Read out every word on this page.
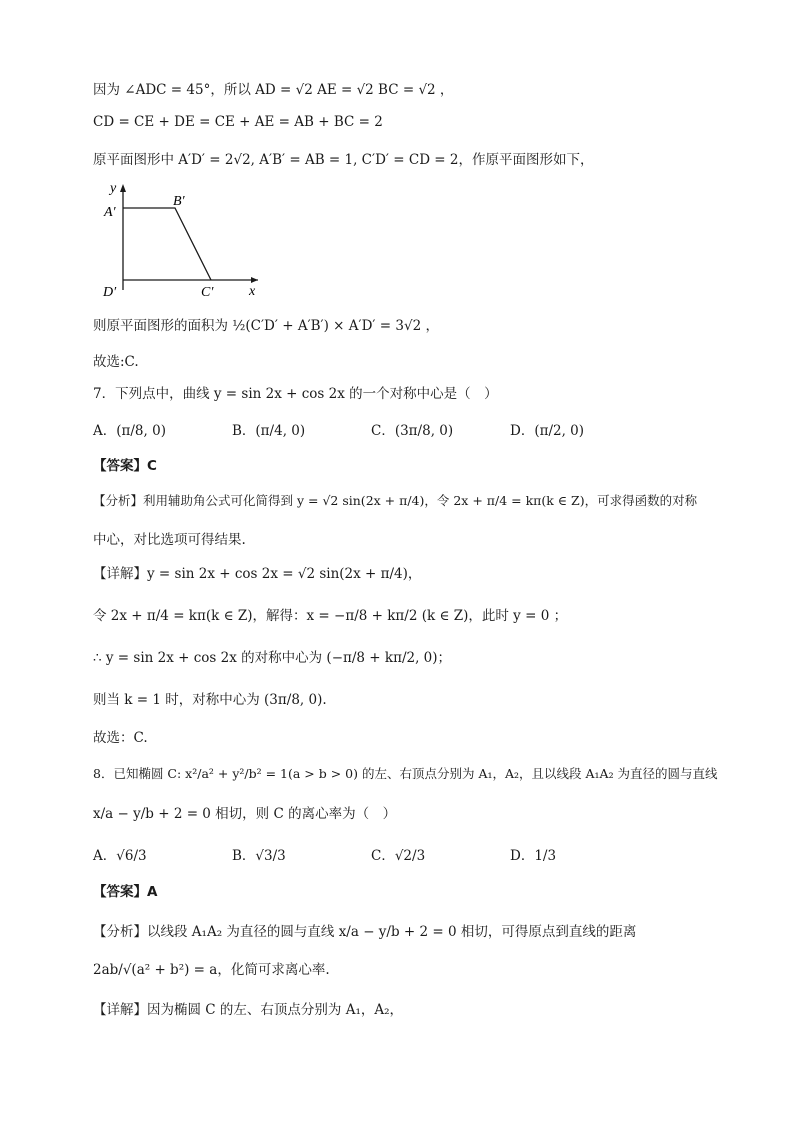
因为 ∠ADC = 45°，所以 AD = √2 AE = √2 BC = √2 ，
CD = CE + DE = CE + AE = AB + BC = 2
原平面图形中 A′D′ = 2√2, A′B′ = AB = 1, C′D′ = CD = 2，作原平面图形如下，
y
x
A′
B′
C′
D′
则原平面图形的面积为 ½(C′D′ + A′B′) × A′D′ = 3√2 ，
故选:C.
7．下列点中，曲线 y = sin 2x + cos 2x 的一个对称中心是（　）
A．(π/8, 0)	B．(π/4, 0)	C．(3π/8, 0)	D．(π/2, 0)
【答案】C
【分析】利用辅助角公式可化简得到 y = √2 sin(2x + π/4)，令 2x + π/4 = kπ(k ∈ Z)，可求得函数的对称
中心，对比选项可得结果.
【详解】y = sin 2x + cos 2x = √2 sin(2x + π/4)，
令 2x + π/4 = kπ(k ∈ Z)，解得：x = −π/8 + kπ/2 (k ∈ Z)，此时 y = 0 ；
∴ y = sin 2x + cos 2x 的对称中心为 (−π/8 + kπ/2, 0)；
则当 k = 1 时，对称中心为 (3π/8, 0).
故选：C.
8．已知椭圆 C: x²/a² + y²/b² = 1(a > b > 0) 的左、右顶点分别为 A₁，A₂，且以线段 A₁A₂ 为直径的圆与直线
x/a − y/b + 2 = 0 相切，则 C 的离心率为（　）
A．√6/3	B．√3/3	C．√2/3	D．1/3
【答案】A
【分析】以线段 A₁A₂ 为直径的圆与直线 x/a − y/b + 2 = 0 相切，可得原点到直线的距离
2ab/√(a² + b²) = a，化简可求离心率.
【详解】因为椭圆 C 的左、右顶点分别为 A₁，A₂，
